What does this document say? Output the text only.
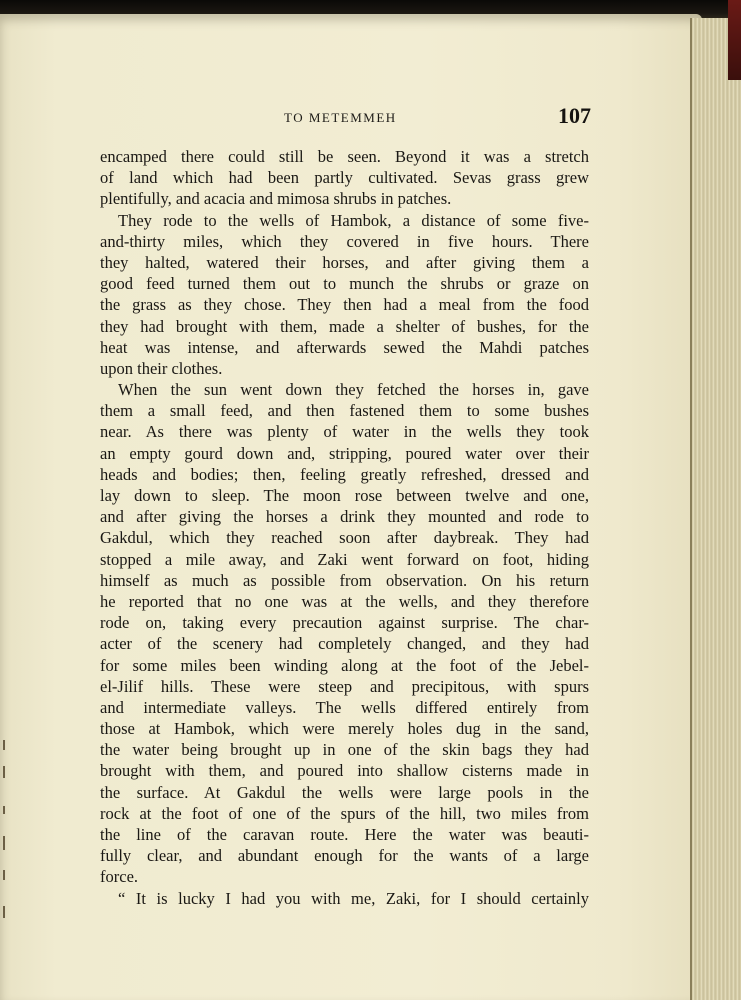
TO METEMMEH	107
encamped there could still be seen. Beyond it was a stretch
of land which had been partly cultivated. Sevas grass grew
plentifully, and acacia and mimosa shrubs in patches.
They rode to the wells of Hambok, a distance of some five-
and-thirty miles, which they covered in five hours. There
they halted, watered their horses, and after giving them a
good feed turned them out to munch the shrubs or graze on
the grass as they chose. They then had a meal from the food
they had brought with them, made a shelter of bushes, for the
heat was intense, and afterwards sewed the Mahdi patches
upon their clothes.
When the sun went down they fetched the horses in, gave
them a small feed, and then fastened them to some bushes
near. As there was plenty of water in the wells they took
an empty gourd down and, stripping, poured water over their
heads and bodies; then, feeling greatly refreshed, dressed and
lay down to sleep. The moon rose between twelve and one,
and after giving the horses a drink they mounted and rode to
Gakdul, which they reached soon after daybreak. They had
stopped a mile away, and Zaki went forward on foot, hiding
himself as much as possible from observation. On his return
he reported that no one was at the wells, and they therefore
rode on, taking every precaution against surprise. The char-
acter of the scenery had completely changed, and they had
for some miles been winding along at the foot of the Jebel-
el-Jilif hills. These were steep and precipitous, with spurs
and intermediate valleys. The wells differed entirely from
those at Hambok, which were merely holes dug in the sand,
the water being brought up in one of the skin bags they had
brought with them, and poured into shallow cisterns made in
the surface. At Gakdul the wells were large pools in the
rock at the foot of one of the spurs of the hill, two miles from
the line of the caravan route. Here the water was beauti-
fully clear, and abundant enough for the wants of a large
force.
“ It is lucky I had you with me, Zaki, for I should certainly
